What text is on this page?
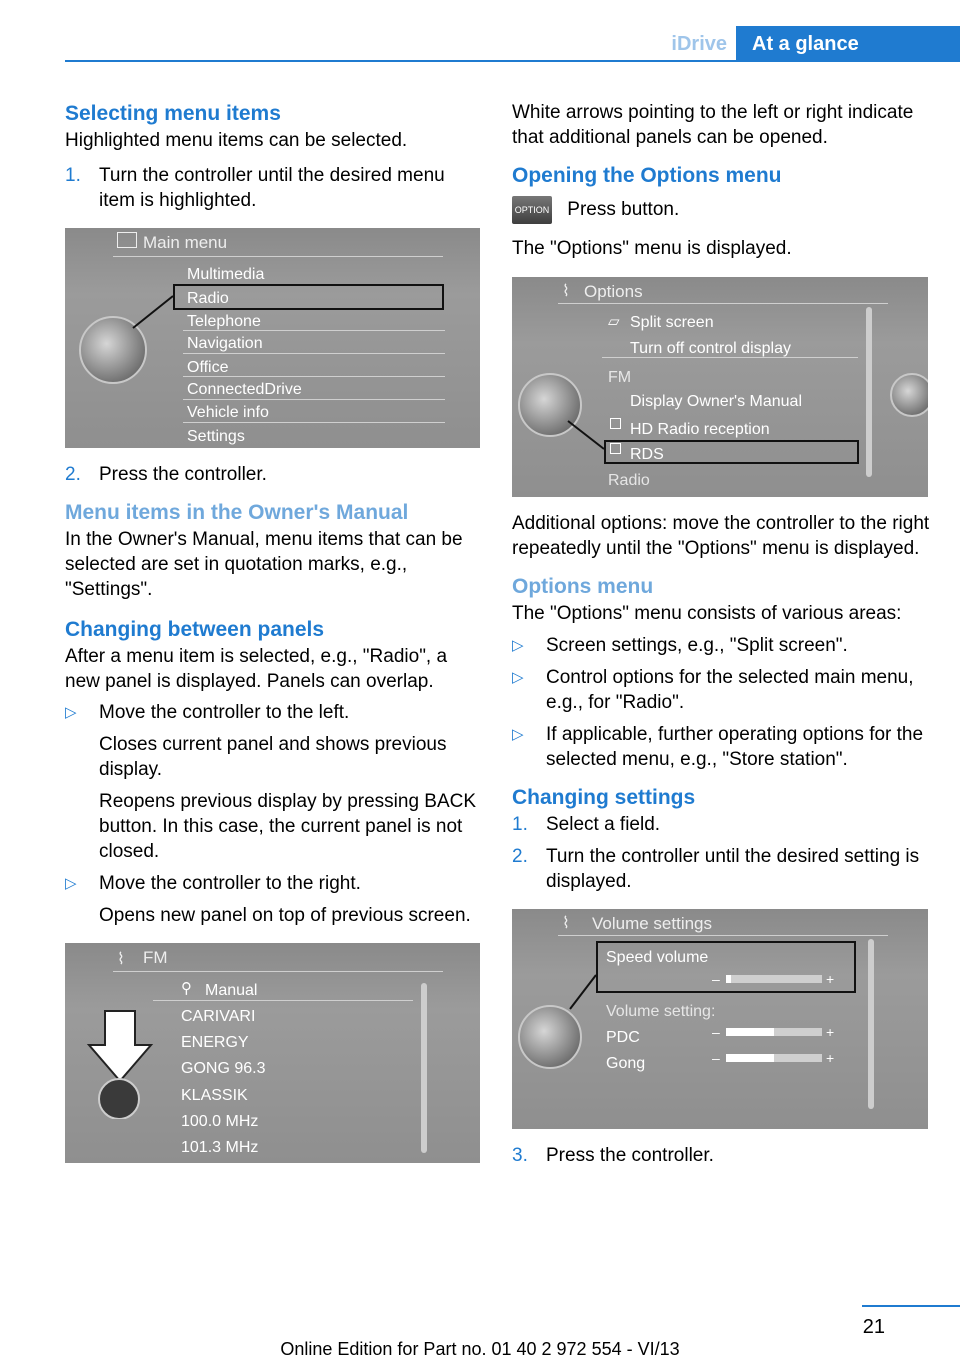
iDrive	At a glance
Selecting menu items

Highlighted menu items can be selected.

1. Turn the controller until the desired menu item is highlighted.
Main menu
Multimedia
Radio
Telephone
Navigation
Office
ConnectedDrive
Vehicle info
Settings
2. Press the controller.
Menu items in the Owner's Manual

In the Owner's Manual, menu items that can be selected are set in quotation marks, e.g., "Settings".

Changing between panels

After a menu item is selected, e.g., "Radio", a new panel is displayed. Panels can overlap.

▷ Move the controller to the left.

Closes current panel and shows previous display.

Reopens previous display by pressing BACK button. In this case, the current panel is not closed.

▷ Move the controller to the right.

Opens new panel on top of previous screen.

⌇ FM
⚲ Manual
CARIVARI
ENERGY
GONG 96.3
KLASSIK
100.0 MHz
101.3 MHz

White arrows pointing to the left or right indicate that additional panels can be opened.

Opening the Options menu
OPTION Press button.

The "Options" menu is displayed.

⌇ Options
▱ Split screen
Turn off control display
FM
Display Owner's Manual
HD Radio reception
RDS
Radio

Additional options: move the controller to the right repeatedly until the "Options" menu is displayed.

Options menu

The "Options" menu consists of various areas:

▷ Screen settings, e.g., "Split screen".
▷ Control options for the selected main menu, e.g., for "Radio".
▷ If applicable, further operating options for the selected menu, e.g., "Store station".
Changing settings
1. Select a field.
2. Turn the controller until the desired setting is displayed.
⌇ Volume settings
Speed volume
–	+
Volume setting:
PDC	–	+
Gong	–	+
3. Press the controller.
21
Online Edition for Part no. 01 40 2 972 554 - VI/13
